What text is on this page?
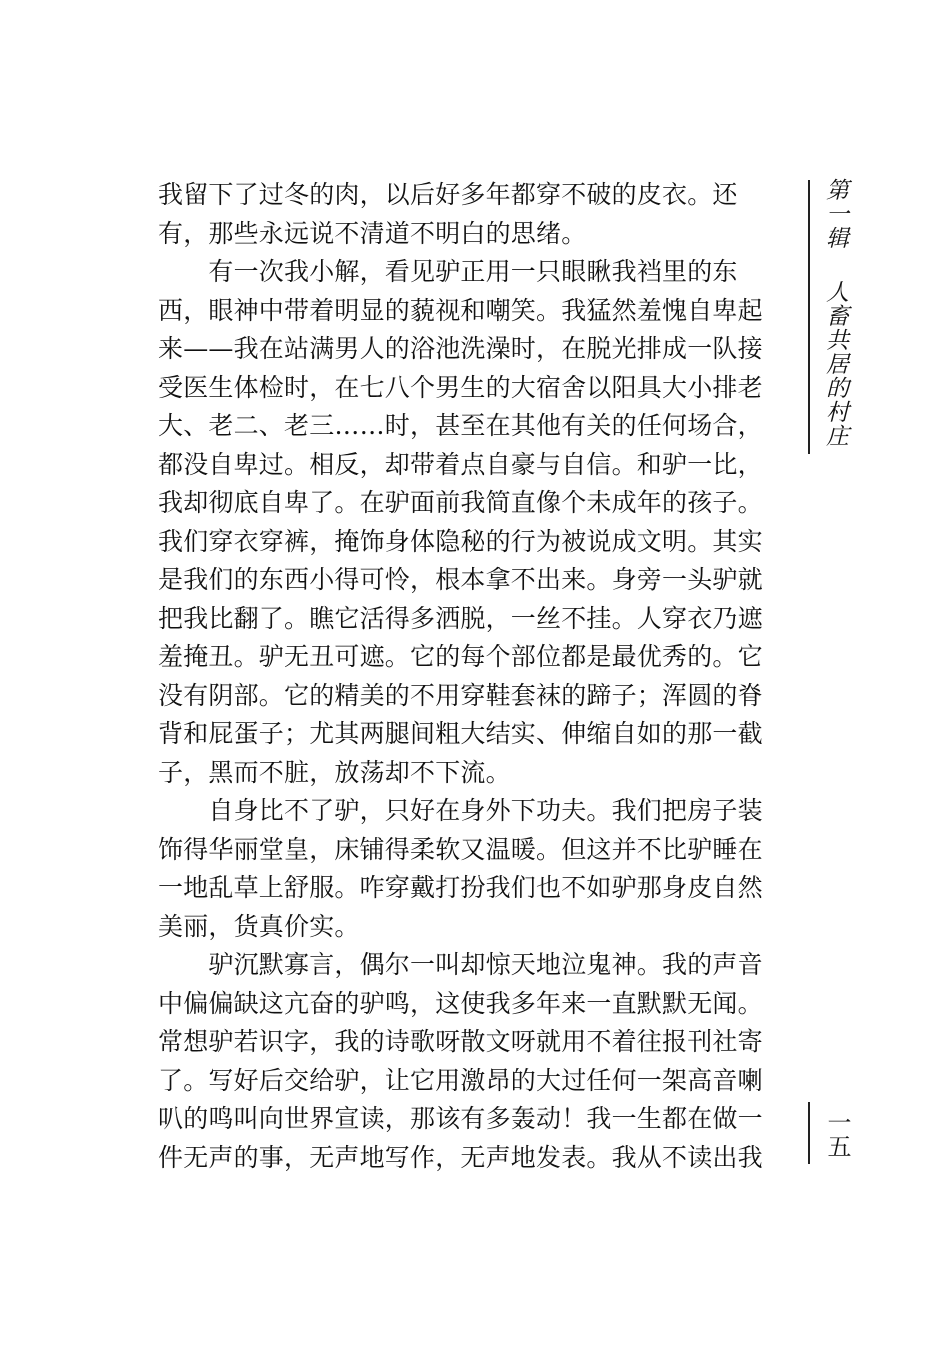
我留下了过冬的肉，以后好多年都穿不破的皮衣。还
有，那些永远说不清道不明白的思绪。
　　有一次我小解，看见驴正用一只眼瞅我裆里的东
西，眼神中带着明显的藐视和嘲笑。我猛然羞愧自卑起
来——我在站满男人的浴池洗澡时，在脱光排成一队接
受医生体检时，在七八个男生的大宿舍以阳具大小排老
大、老二、老三……时，甚至在其他有关的任何场合，
都没自卑过。相反，却带着点自豪与自信。和驴一比，
我却彻底自卑了。在驴面前我简直像个未成年的孩子。
我们穿衣穿裤，掩饰身体隐秘的行为被说成文明。其实
是我们的东西小得可怜，根本拿不出来。身旁一头驴就
把我比翻了。瞧它活得多洒脱，一丝不挂。人穿衣乃遮
羞掩丑。驴无丑可遮。它的每个部位都是最优秀的。它
没有阴部。它的精美的不用穿鞋套袜的蹄子；浑圆的脊
背和屁蛋子；尤其两腿间粗大结实、伸缩自如的那一截
子，黑而不脏，放荡却不下流。
　　自身比不了驴，只好在身外下功夫。我们把房子装
饰得华丽堂皇，床铺得柔软又温暖。但这并不比驴睡在
一地乱草上舒服。咋穿戴打扮我们也不如驴那身皮自然
美丽，货真价实。
　　驴沉默寡言，偶尔一叫却惊天地泣鬼神。我的声音
中偏偏缺这亢奋的驴鸣，这使我多年来一直默默无闻。
常想驴若识字，我的诗歌呀散文呀就用不着往报刊社寄
了。写好后交给驴，让它用激昂的大过任何一架高音喇
叭的鸣叫向世界宣读，那该有多轰动！我一生都在做一
件无声的事，无声地写作，无声地发表。我从不读出我
第一辑人畜共居的村庄
一五
